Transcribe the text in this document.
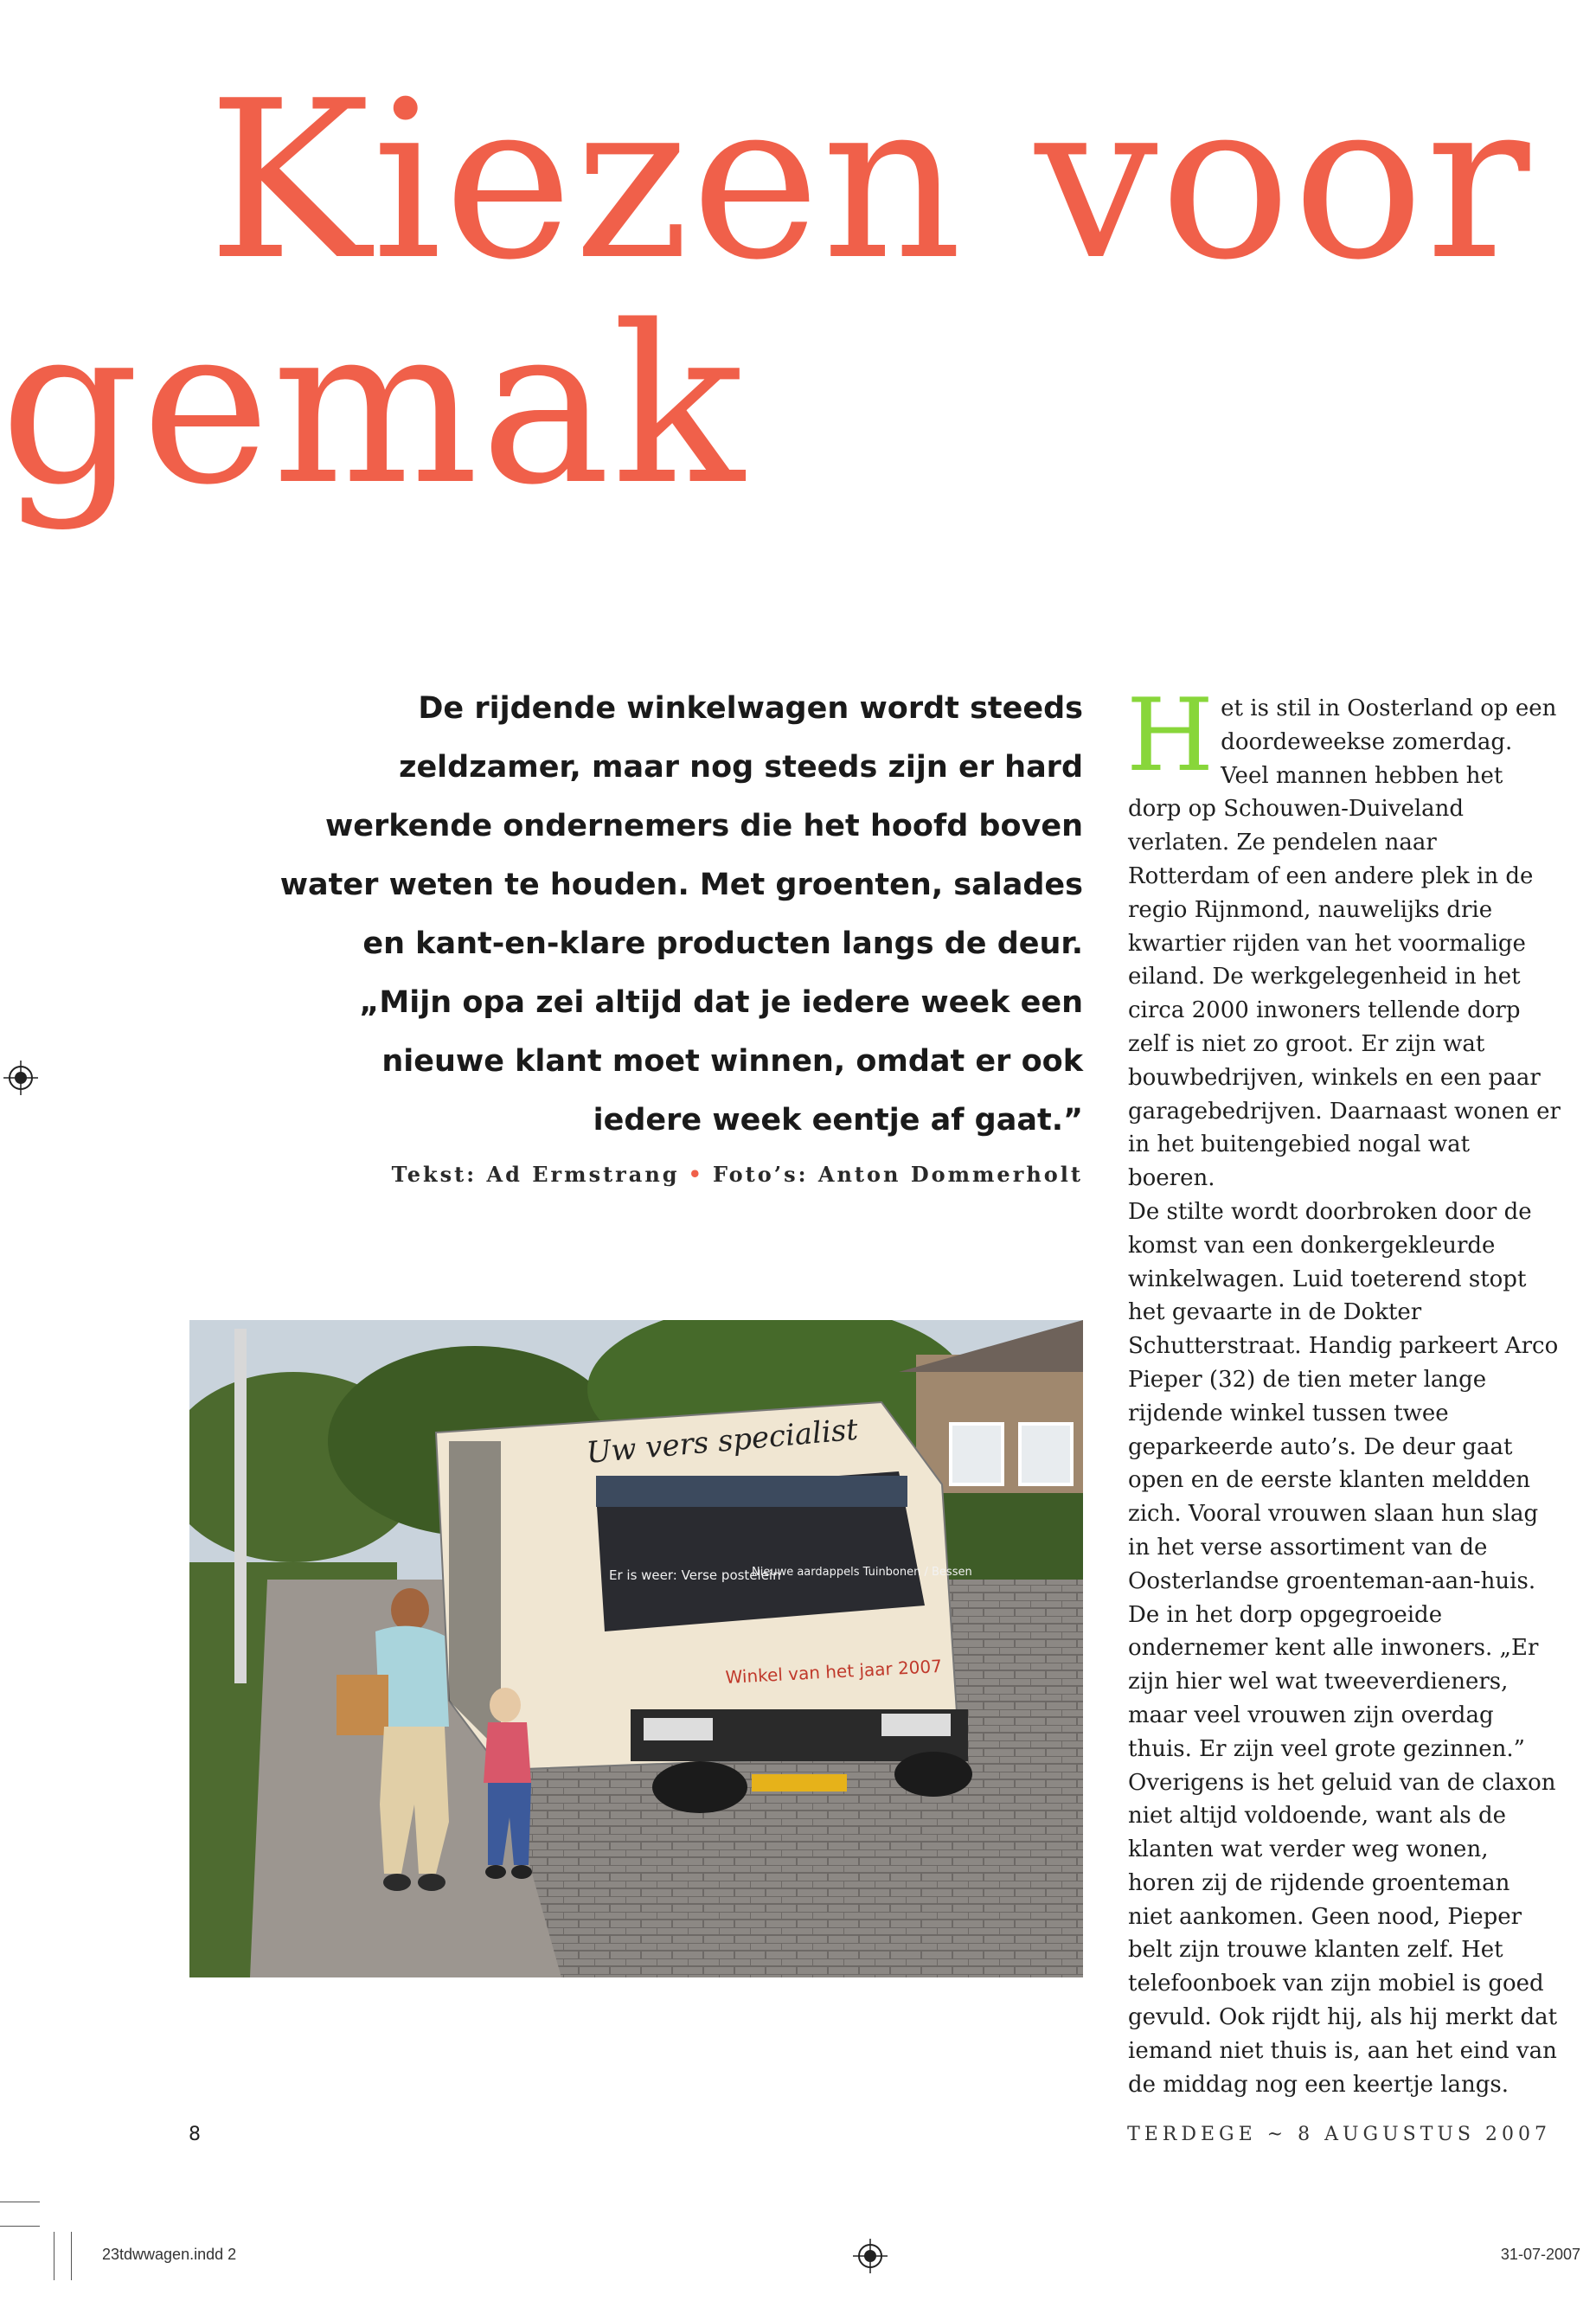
Kiezen voor
gemak

De rijdende winkelwagen wordt steeds zeldzamer, maar nog steeds zijn er hard werkende ondernemers die het hoofd boven water weten te houden. Met groenten, salades en kant-en-klare producten langs de deur. „Mijn opa zei altijd dat je iedere week een nieuwe klant moet winnen, omdat er ook iedere week eentje af gaat.”

Tekst: Ad Ermstrang • Foto’s: Anton Dommerholt
Uw vers specialist
Er is weer: Verse postelein
Nieuwe aardappels Tuinbonen / Bessen
Winkel van het jaar 2007
H et is stil in Oosterland op een doordeweekse zomerdag. Veel mannen hebben het dorp op Schouwen-Duiveland verlaten. Ze pendelen naar Rotterdam of een andere plek in de regio Rijnmond, nauwelijks drie kwartier rijden van het voormalige eiland. De werkgelegenheid in het circa 2000 inwoners tellende dorp zelf is niet zo groot. Er zijn wat bouwbedrijven, winkels en een paar garagebedrijven. Daarnaast wonen er in het buitengebied nogal wat boeren.

De stilte wordt doorbroken door de komst van een donkergekleurde winkelwagen. Luid toeterend stopt het gevaarte in de Dokter Schutterstraat. Handig parkeert Arco Pieper (32) de tien meter lange rijdende winkel tussen twee geparkeerde auto’s. De deur gaat open en de eerste klanten meldden zich. Vooral vrouwen slaan hun slag in het verse assortiment van de Oosterlandse groenteman-aan-huis. De in het dorp opgegroeide ondernemer kent alle inwoners. „Er zijn hier wel wat tweeverdieners, maar veel vrouwen zijn overdag thuis. Er zijn veel grote gezinnen.”

Overigens is het geluid van de claxon niet altijd voldoende, want als de klanten wat verder weg wonen, horen zij de rijdende groenteman niet aankomen. Geen nood, Pieper belt zijn trouwe klanten zelf. Het telefoonboek van zijn mobiel is goed gevuld. Ook rijdt hij, als hij merkt dat iemand niet thuis is, aan het eind van de middag nog een keertje langs.

8	TERDEGE ~ 8 AUGUSTUS 2007
23tdwwagen.indd 2	31-07-2007
